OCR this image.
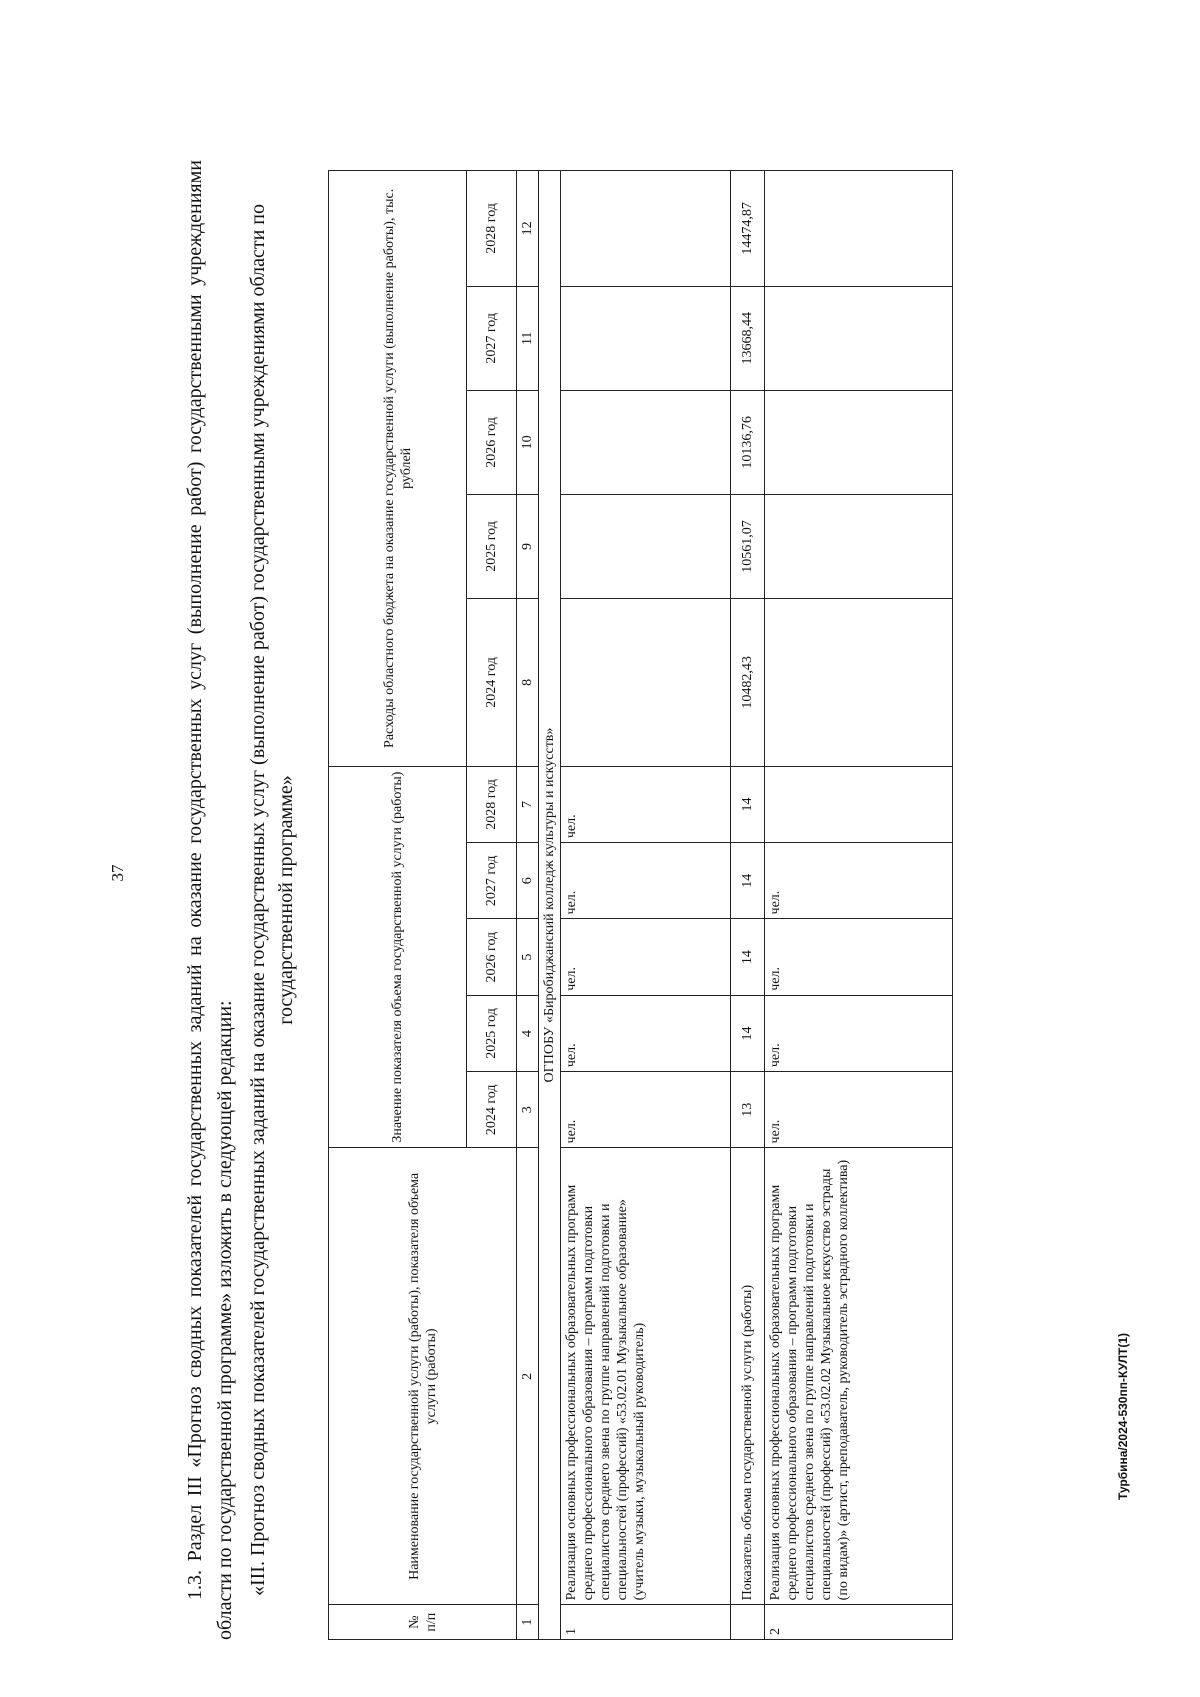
37	1.3. Раздел III «Прогноз сводных показателей государственных заданий на оказание государственных услуг (выполнение работ) государственными учреждениями области по государственной программе» изложить в следующей редакции: «III. Прогноз сводных показателей государственных заданий на оказание государственных услуг (выполнение работ) государственными учреждениями области по государственной программе»

№ п/п	Наименование государственной услуги (работы), показателя объема услуги (работы)	Значение показателя объема государственной услуги (работы)					Расходы областного бюджета на оказание государственной услуги (выполнение работы), тыс. рублей				
		2024 год	2025 год	2026 год	2027 год	2028 год	2024 год	2025 год	2026 год	2027 год	2028 год
1	2	3	4	5	6	7	8	9	10	11	12
ОГПОБУ «Биробиджанский колледж культуры и искусств»											
1	Реализация основных профессиональных образовательных программ среднего профессионального образования – программ подготовки специалистов среднего звена по группе направлений подготовки и специальностей (профессий) «53.02.01 Музыкальное образование» (учитель музыки, музыкальный руководитель)	чел.	чел.	чел.	чел.	чел.					
	Показатель объема государственной услуги (работы)	13	14	14	14	14	10482,43	10561,07	10136,76	13668,44	14474,87
2	Реализация основных профессиональных образовательных программ среднего профессионального образования – программ подготовки специалистов среднего звена по группе направлений подготовки и специальностей (профессий) «53.02.02 Музыкальное искусство эстрады (по видам)» (артист, преподаватель, руководитель эстрадного коллектива)	чел.	чел.	чел.	чел.						
Турбина/2024-530пп-КУЛТ(1)
